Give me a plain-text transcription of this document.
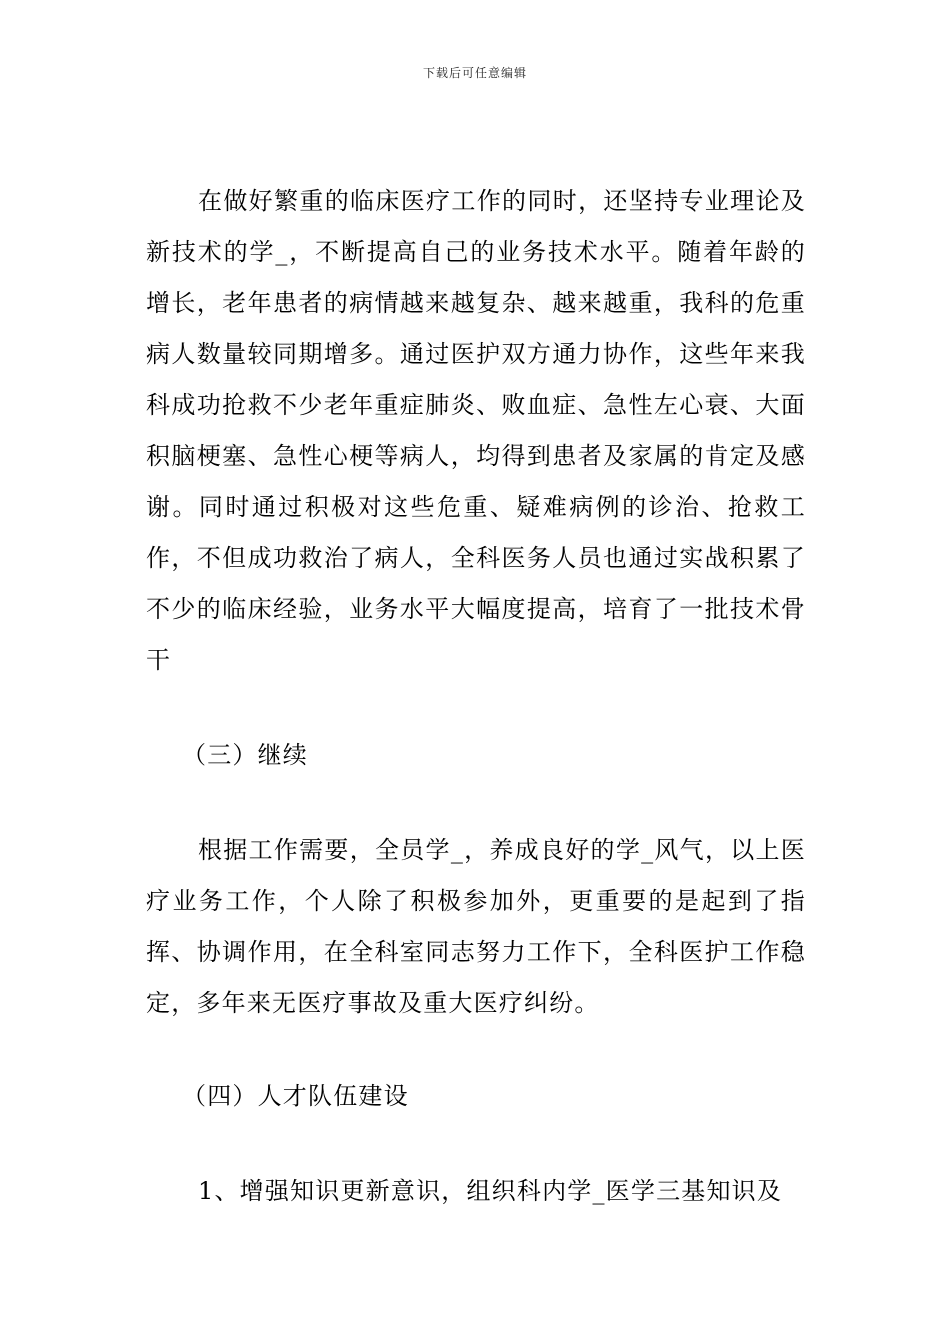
下载后可任意编辑

在做好繁重的临床医疗工作的同时，还坚持专业理论及新技术的学_，不断提高自己的业务技术水平。随着年龄的增长，老年患者的病情越来越复杂、越来越重，我科的危重病人数量较同期增多。通过医护双方通力协作，这些年来我科成功抢救不少老年重症肺炎、败血症、急性左心衰、大面积脑梗塞、急性心梗等病人，均得到患者及家属的肯定及感谢。同时通过积极对这些危重、疑难病例的诊治、抢救工作，不但成功救治了病人，全科医务人员也通过实战积累了不少的临床经验，业务水平大幅度提高，培育了一批技术骨干

（三）继续

根据工作需要，全员学_，养成良好的学_风气，以上医疗业务工作，个人除了积极参加外，更重要的是起到了指挥、协调作用，在全科室同志努力工作下，全科医护工作稳定，多年来无医疗事故及重大医疗纠纷。

（四）人才队伍建设

1、增强知识更新意识，组织科内学_医学三基知识及
